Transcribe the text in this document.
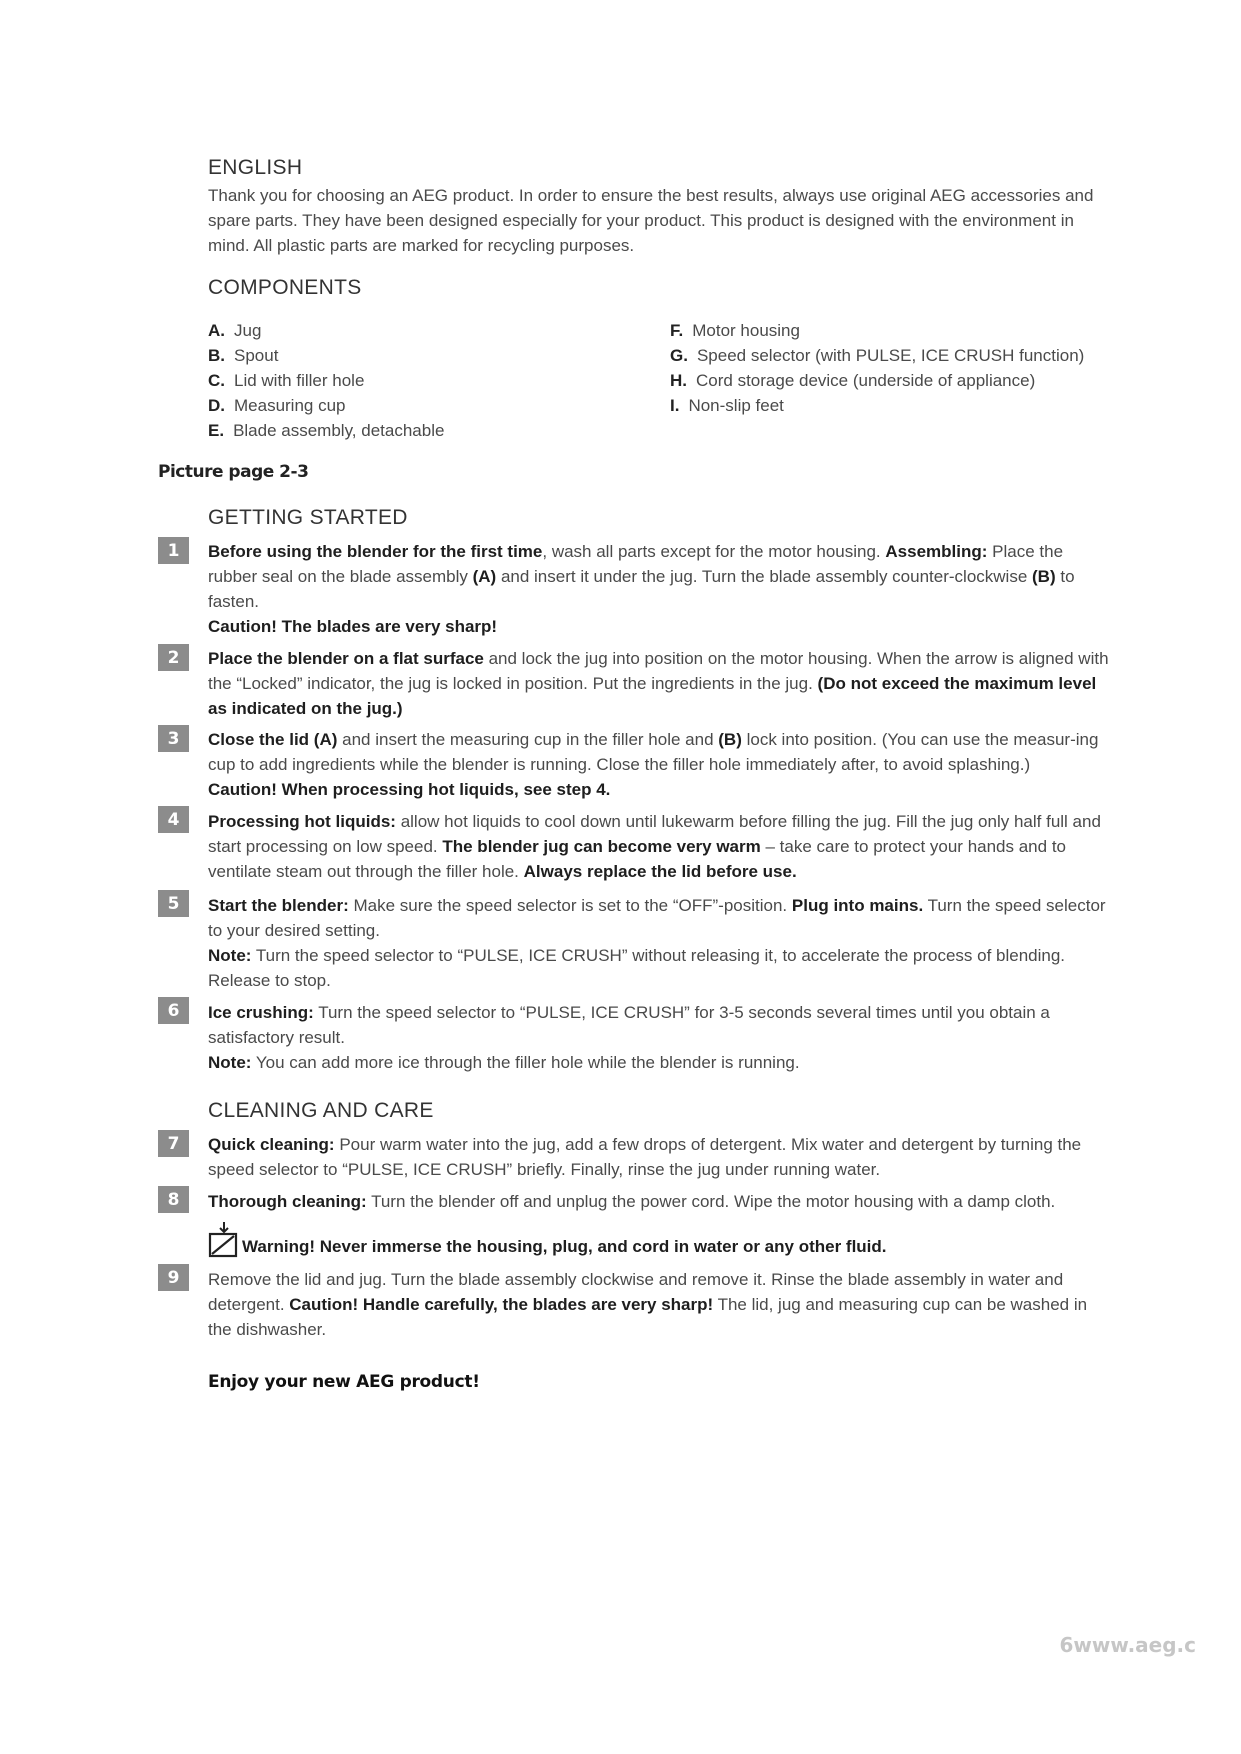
ENGLISH

Thank you for choosing an AEG product. In order to ensure the best results, always use original AEG accessories and spare parts. They have been designed especially for your product. This product is designed with the environment in mind. All plastic parts are marked for recycling purposes.

COMPONENTS
A. Jug
B. Spout
C. Lid with filler hole
D. Measuring cup
E. Blade assembly, detachable
F. Motor housing
G. Speed selector (with PULSE, ICE CRUSH function)
H. Cord storage device (underside of appliance)
I. Non-slip feet
Picture page 2-3
GETTING STARTED
1	Before using the blender for the first time, wash all parts except for the motor housing. Assembling: Place the rubber seal on the blade assembly (A) and insert it under the jug. Turn the blade assembly counter-clockwise (B) to fasten.

Caution! The blades are very sharp!

2	Place the blender on a flat surface and lock the jug into position on the motor housing. When the arrow is aligned with the “Locked” indicator, the jug is locked in position. Put the ingredients in the jug. (Do not exceed the maximum level as indicated on the jug.)

3	Close the lid (A) and insert the measuring cup in the filler hole and (B) lock into position. (You can use the measur-ing cup to add ingredients while the blender is running. Close the filler hole immediately after, to avoid splashing.)

Caution! When processing hot liquids, see step 4.

4	Processing hot liquids: allow hot liquids to cool down until lukewarm before filling the jug. Fill the jug only half full and start processing on low speed. The blender jug can become very warm – take care to protect your hands and to ventilate steam out through the filler hole. Always replace the lid before use.

5	Start the blender: Make sure the speed selector is set to the “OFF”-position. Plug into mains. Turn the speed selector to your desired setting.

Note: Turn the speed selector to “PULSE, ICE CRUSH” without releasing it, to accelerate the process of blending. Release to stop.

6	Ice crushing: Turn the speed selector to “PULSE, ICE CRUSH” for 3-5 seconds several times until you obtain a satisfactory result.

Note: You can add more ice through the filler hole while the blender is running.

CLEANING AND CARE
7	Quick cleaning: Pour warm water into the jug, add a few drops of detergent. Mix water and detergent by turning the speed selector to “PULSE, ICE CRUSH” briefly. Finally, rinse the jug under running water.

8	Thorough cleaning: Turn the blender off and unplug the power cord. Wipe the motor housing with a damp cloth.

Warning! Never immerse the housing, plug, and cord in water or any other fluid.

9	Remove the lid and jug. Turn the blade assembly clockwise and remove it. Rinse the blade assembly in water and detergent. Caution! Handle carefully, the blades are very sharp! The lid, jug and measuring cup can be washed in the dishwasher.

Enjoy your new AEG product!
6www.aeg.c
